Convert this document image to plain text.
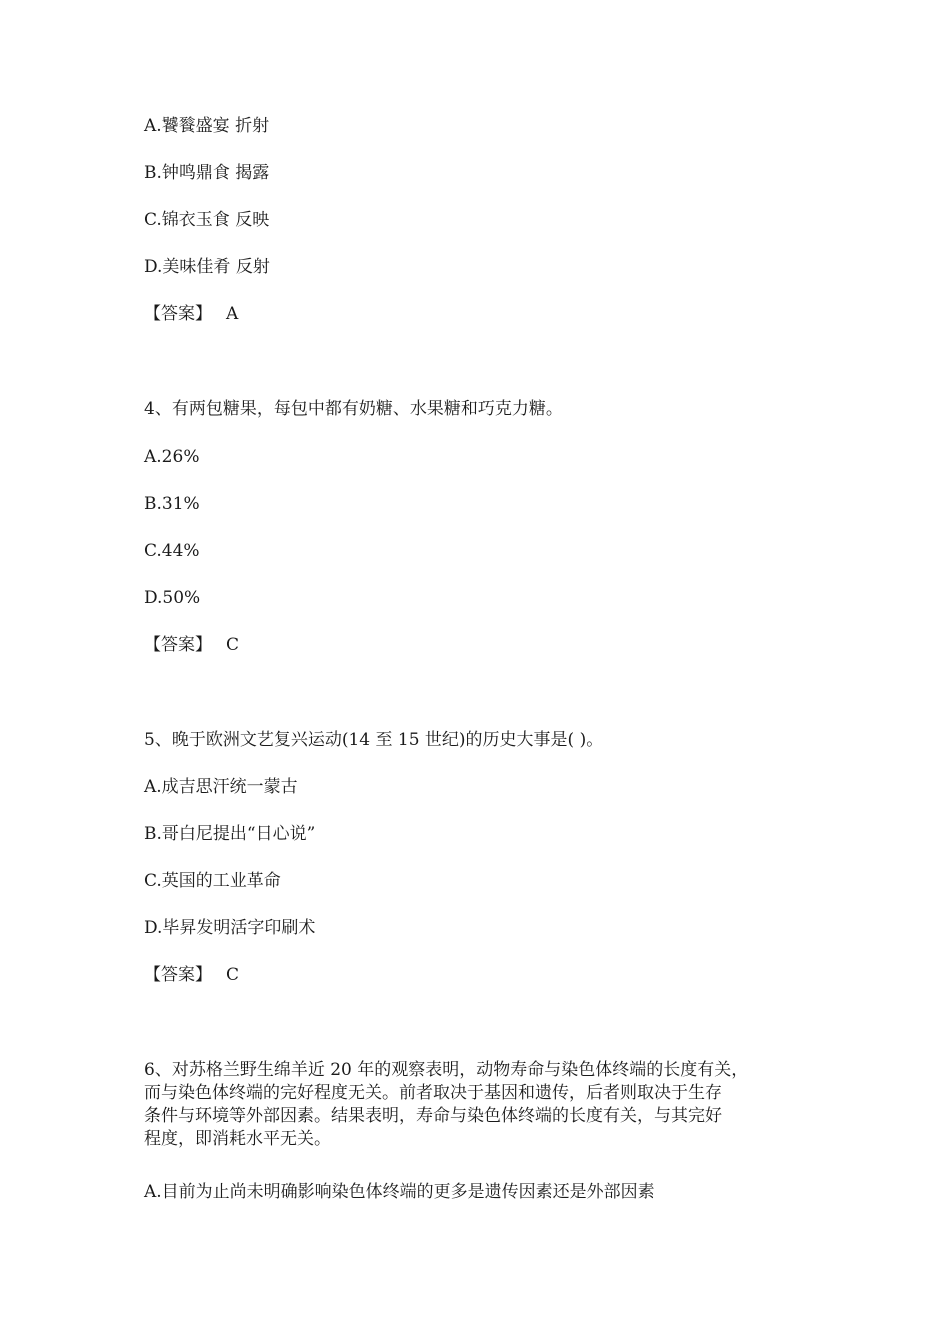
A.饕餮盛宴 折射
B.钟鸣鼎食 揭露
C.锦衣玉食 反映
D.美味佳肴 反射
【答案】 A
4、有两包糖果，每包中都有奶糖、水果糖和巧克力糖。
A.26%
B.31%
C.44%
D.50%
【答案】 C
5、晚于欧洲文艺复兴运动(14 至 15 世纪)的历史大事是( )。
A.成吉思汗统一蒙古
B.哥白尼提出“日心说”
C.英国的工业革命
D.毕昇发明活字印刷术
【答案】 C
6、对苏格兰野生绵羊近 20 年的观察表明，动物寿命与染色体终端的长度有关，
而与染色体终端的完好程度无关。前者取决于基因和遗传，后者则取决于生存
条件与环境等外部因素。结果表明，寿命与染色体终端的长度有关，与其完好
程度，即消耗水平无关。
A.目前为止尚未明确影响染色体终端的更多是遗传因素还是外部因素
